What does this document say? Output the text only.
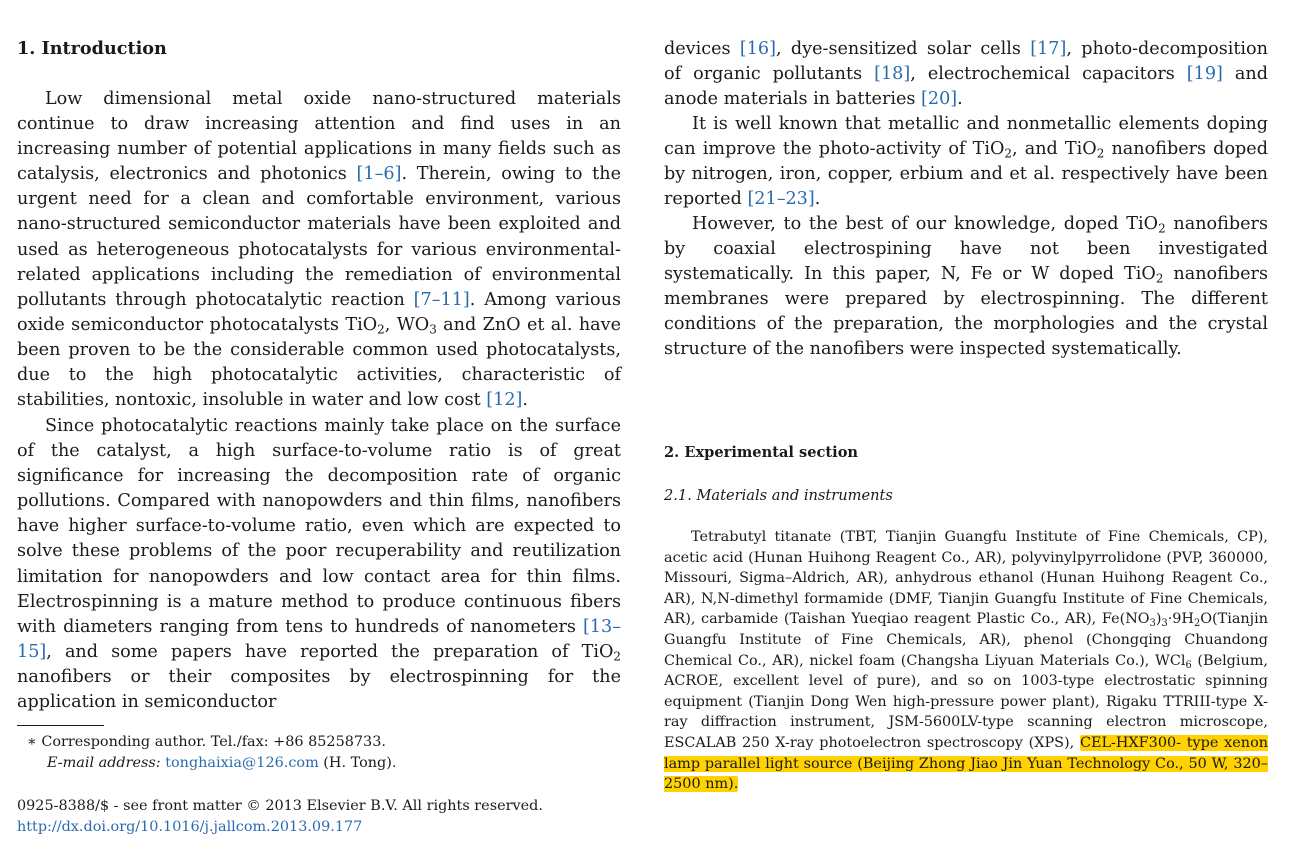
1. Introduction

Low dimensional metal oxide nano-structured materials continue to draw increasing attention and find uses in an increasing number of potential applications in many fields such as catalysis, electronics and photonics [1–6]. Therein, owing to the urgent need for a clean and comfortable environment, various nano-structured semiconductor materials have been exploited and used as heterogeneous photocatalysts for various environmental-related applications including the remediation of environmental pollutants through photocatalytic reaction [7–11]. Among various oxide semiconductor photocatalysts TiO$_2$, $WO_3$ and ZnO et al. have been proven to be the considerable common used photocatalysts, due to the high photocatalytic activities, characteristic of stabilities, nontoxic, insoluble in water and low cost [12].

Since photocatalytic reactions mainly take place on the surface of the catalyst, a high surface-to-volume ratio is of great significance for increasing the decomposition rate of organic pollutions. Compared with nanopowders and thin films, nanofibers have higher surface-to-volume ratio, even which are expected to solve these problems of the poor recuperability and reutilization limitation for nanopowders and low contact area for thin films. Electrospinning is a mature method to produce continuous fibers with diameters ranging from tens to hundreds of nanometers [13–15], and some papers have reported the preparation of TiO$_2$ nanofibers or their composites by electrospinning for the application in semiconductor

∗ Corresponding author. Tel./fax: +86 85258733.

E-mail address: tonghaixia@126.com (H. Tong).

0925-8388/$ - see front matter © 2013 Elsevier B.V. All rights reserved.

http://dx.doi.org/10.1016/j.jallcom.2013.09.177

devices [16], dye-sensitized solar cells [17], photo-decomposition of organic pollutants [18], electrochemical capacitors [19] and anode materials in batteries [20].

It is well known that metallic and nonmetallic elements doping can improve the photo-activity of TiO$_2$, and TiO$_2$ nanofibers doped by nitrogen, iron, copper, erbium and et al. respectively have been reported [21–23].

However, to the best of our knowledge, doped TiO$_2$ nanofibers by coaxial electrospining have not been investigated systematically. In this paper, N, Fe or W doped TiO$_2$ nanofibers membranes were prepared by electrospinning. The different conditions of the preparation, the morphologies and the crystal structure of the nanofibers were inspected systematically.

2. Experimental section
2.1. Materials and instruments

Tetrabutyl titanate (TBT, Tianjin Guangfu Institute of Fine Chemicals, CP), acetic acid (Hunan Huihong Reagent Co., AR), polyvinylpyrrolidone (PVP, 360000, Missouri, Sigma–Aldrich, AR), anhydrous ethanol (Hunan Huihong Reagent Co., AR), N,N-dimethyl formamide (DMF, Tianjin Guangfu Institute of Fine Chemicals, AR), carbamide (Taishan Yueqiao reagent Plastic Co., AR), $Fe(NO_3)_3\cdot 9H_2O(Tianjin$ Guangfu Institute of Fine Chemicals, AR), phenol (Chongqing Chuandong Chemical Co., AR), nickel foam (Changsha Liyuan Materials Co.), WCl$_6$ (Belgium, ACROE, excellent level of pure), and so on 1003-type electrostatic spinning equipment (Tianjin Dong Wen high-pressure power plant), Rigaku TTRIII-type X-ray diffraction instrument, JSM-5600LV-type scanning electron microscope, ESCALAB 250 X-ray photoelectron spectroscopy (XPS), CEL-HXF300- type xenon lamp parallel light source (Beijing Zhong Jiao Jin Yuan Technology Co., 50 W, 320–2500 nm).
